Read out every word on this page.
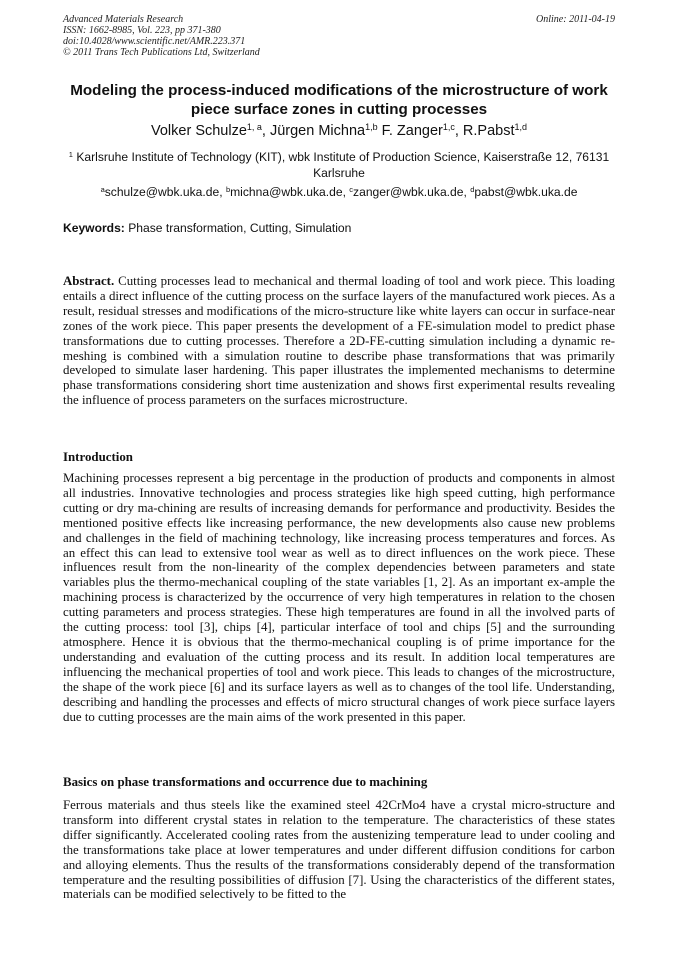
Advanced Materials Research
ISSN: 1662-8985, Vol. 223, pp 371-380
doi:10.4028/www.scientific.net/AMR.223.371
© 2011 Trans Tech Publications Ltd, Switzerland
Online: 2011-04-19
Modeling the process-induced modifications of the microstructure of work piece surface zones in cutting processes
Volker Schulze$^{1, a}$, Jürgen Michna$^{1,b}$ F. Zanger$^{1,c}$, R.Pabst$^{1,d}$
$^1$ Karlsruhe Institute of Technology (KIT), wbk Institute of Production Science, Kaiserstraße 12, 76131 Karlsruhe
$^a$schulze@wbk.uka.de, $^b$michna@wbk.uka.de, $^c$zanger@wbk.uka.de, $^d$pabst@wbk.uka.de
Keywords: Phase transformation, Cutting, Simulation
Abstract. Cutting processes lead to mechanical and thermal loading of tool and work piece. This loading entails a direct influence of the cutting process on the surface layers of the manufactured work pieces. As a result, residual stresses and modifications of the micro-structure like white layers can occur in surface-near zones of the work piece. This paper presents the development of a FE-simulation model to predict phase transformations due to cutting processes. Therefore a 2D-FE-cutting simulation including a dynamic re-meshing is combined with a simulation routine to describe phase transformations that was primarily developed to simulate laser hardening. This paper illustrates the implemented mechanisms to determine phase transformations considering short time austenization and shows first experimental results revealing the influence of process parameters on the surfaces microstructure.
Introduction
Machining processes represent a big percentage in the production of products and components in almost all industries. Innovative technologies and process strategies like high speed cutting, high performance cutting or dry ma-chining are results of increasing demands for performance and productivity. Besides the mentioned positive effects like increasing performance, the new developments also cause new problems and challenges in the field of machining technology, like increasing process temperatures and forces. As an effect this can lead to extensive tool wear as well as to direct influences on the work piece. These influences result from the non-linearity of the complex dependencies between parameters and state variables plus the thermo-mechanical coupling of the state variables [1, 2]. As an important ex-ample the machining process is characterized by the occurrence of very high temperatures in relation to the chosen cutting parameters and process strategies. These high temperatures are found in all the involved parts of the cutting process: tool [3], chips [4], particular interface of tool and chips [5] and the surrounding atmosphere. Hence it is obvious that the thermo-mechanical coupling is of prime importance for the understanding and evaluation of the cutting process and its result. In addition local temperatures are influencing the mechanical properties of tool and work piece. This leads to changes of the microstructure, the shape of the work piece [6] and its surface layers as well as to changes of the tool life. Understanding, describing and handling the processes and effects of micro structural changes of work piece surface layers due to cutting processes are the main aims of the work presented in this paper.
Basics on phase transformations and occurrence due to machining
Ferrous materials and thus steels like the examined steel 42CrMo4 have a crystal micro-structure and transform into different crystal states in relation to the temperature. The characteristics of these states differ significantly. Accelerated cooling rates from the austenizing temperature lead to under cooling and the transformations take place at lower temperatures and under different diffusion conditions for carbon and alloying elements. Thus the results of the transformations considerably depend of the transformation temperature and the resulting possibilities of diffusion [7]. Using the characteristics of the different states, materials can be modified selectively to be fitted to the
